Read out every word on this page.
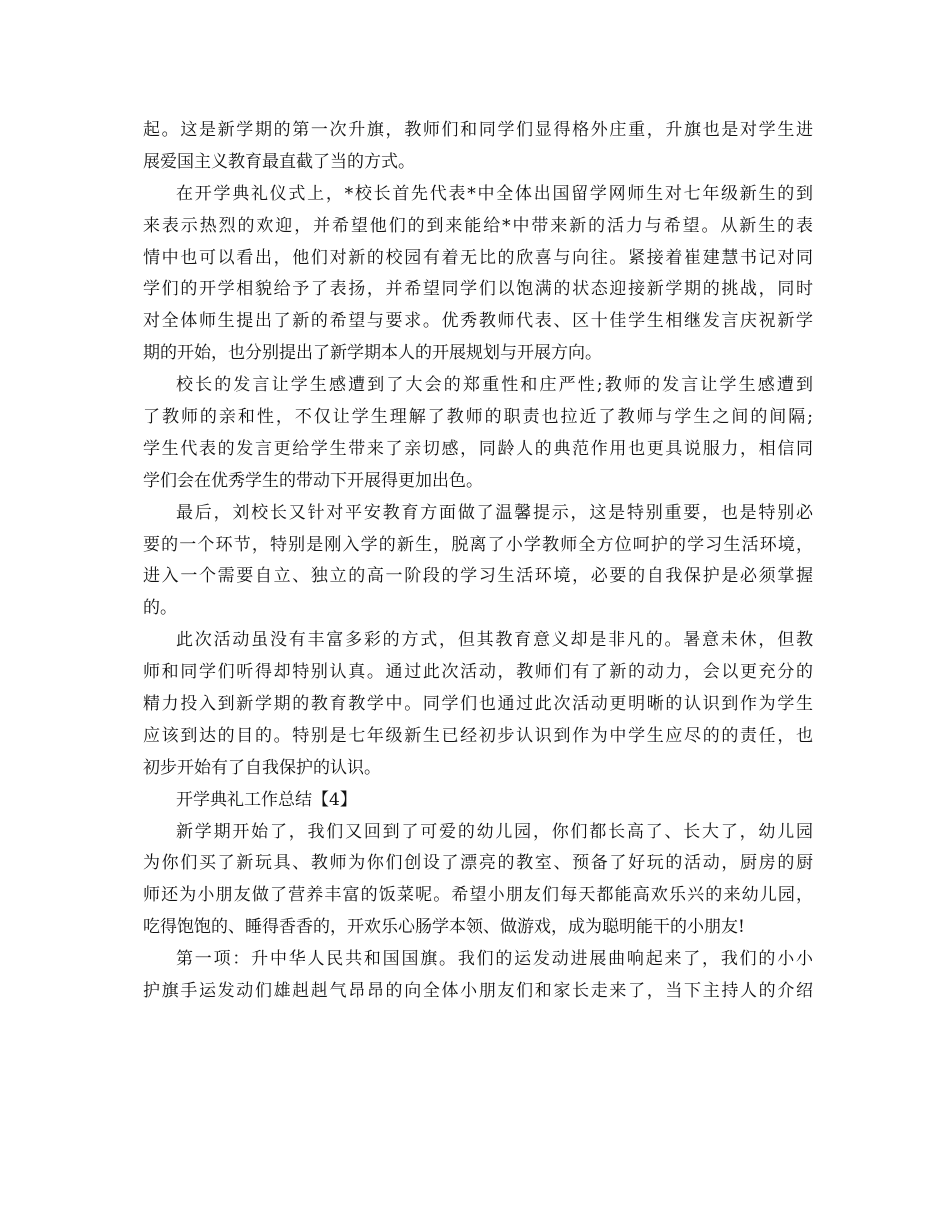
起。这是新学期的第一次升旗，教师们和同学们显得格外庄重，升旗也是对学生进
展爱国主义教育最直截了当的方式。
在开学典礼仪式上，*校长首先代表*中全体出国留学网师生对七年级新生的到
来表示热烈的欢迎，并希望他们的到来能给*中带来新的活力与希望。从新生的表
情中也可以看出，他们对新的校园有着无比的欣喜与向往。紧接着崔建慧书记对同
学们的开学相貌给予了表扬，并希望同学们以饱满的状态迎接新学期的挑战，同时
对全体师生提出了新的希望与要求。优秀教师代表、区十佳学生相继发言庆祝新学
期的开始，也分别提出了新学期本人的开展规划与开展方向。
校长的发言让学生感遭到了大会的郑重性和庄严性;教师的发言让学生感遭到
了教师的亲和性，不仅让学生理解了教师的职责也拉近了教师与学生之间的间隔;
学生代表的发言更给学生带来了亲切感，同龄人的典范作用也更具说服力，相信同
学们会在优秀学生的带动下开展得更加出色。
最后，刘校长又针对平安教育方面做了温馨提示，这是特别重要，也是特别必
要的一个环节，特别是刚入学的新生，脱离了小学教师全方位呵护的学习生活环境，
进入一个需要自立、独立的高一阶段的学习生活环境，必要的自我保护是必须掌握
的。
此次活动虽没有丰富多彩的方式，但其教育意义却是非凡的。暑意未休，但教
师和同学们听得却特别认真。通过此次活动，教师们有了新的动力，会以更充分的
精力投入到新学期的教育教学中。同学们也通过此次活动更明晰的认识到作为学生
应该到达的目的。特别是七年级新生已经初步认识到作为中学生应尽的的责任，也
初步开始有了自我保护的认识。
开学典礼工作总结【4】
新学期开始了，我们又回到了可爱的幼儿园，你们都长高了、长大了，幼儿园
为你们买了新玩具、教师为你们创设了漂亮的教室、预备了好玩的活动，厨房的厨
师还为小朋友做了营养丰富的饭菜呢。希望小朋友们每天都能高欢乐兴的来幼儿园，
吃得饱饱的、睡得香香的，开欢乐心肠学本领、做游戏，成为聪明能干的小朋友!
第一项：升中华人民共和国国旗。我们的运发动进展曲响起来了，我们的小小
护旗手运发动们雄赳赳气昂昂的向全体小朋友们和家长走来了，当下主持人的介绍
